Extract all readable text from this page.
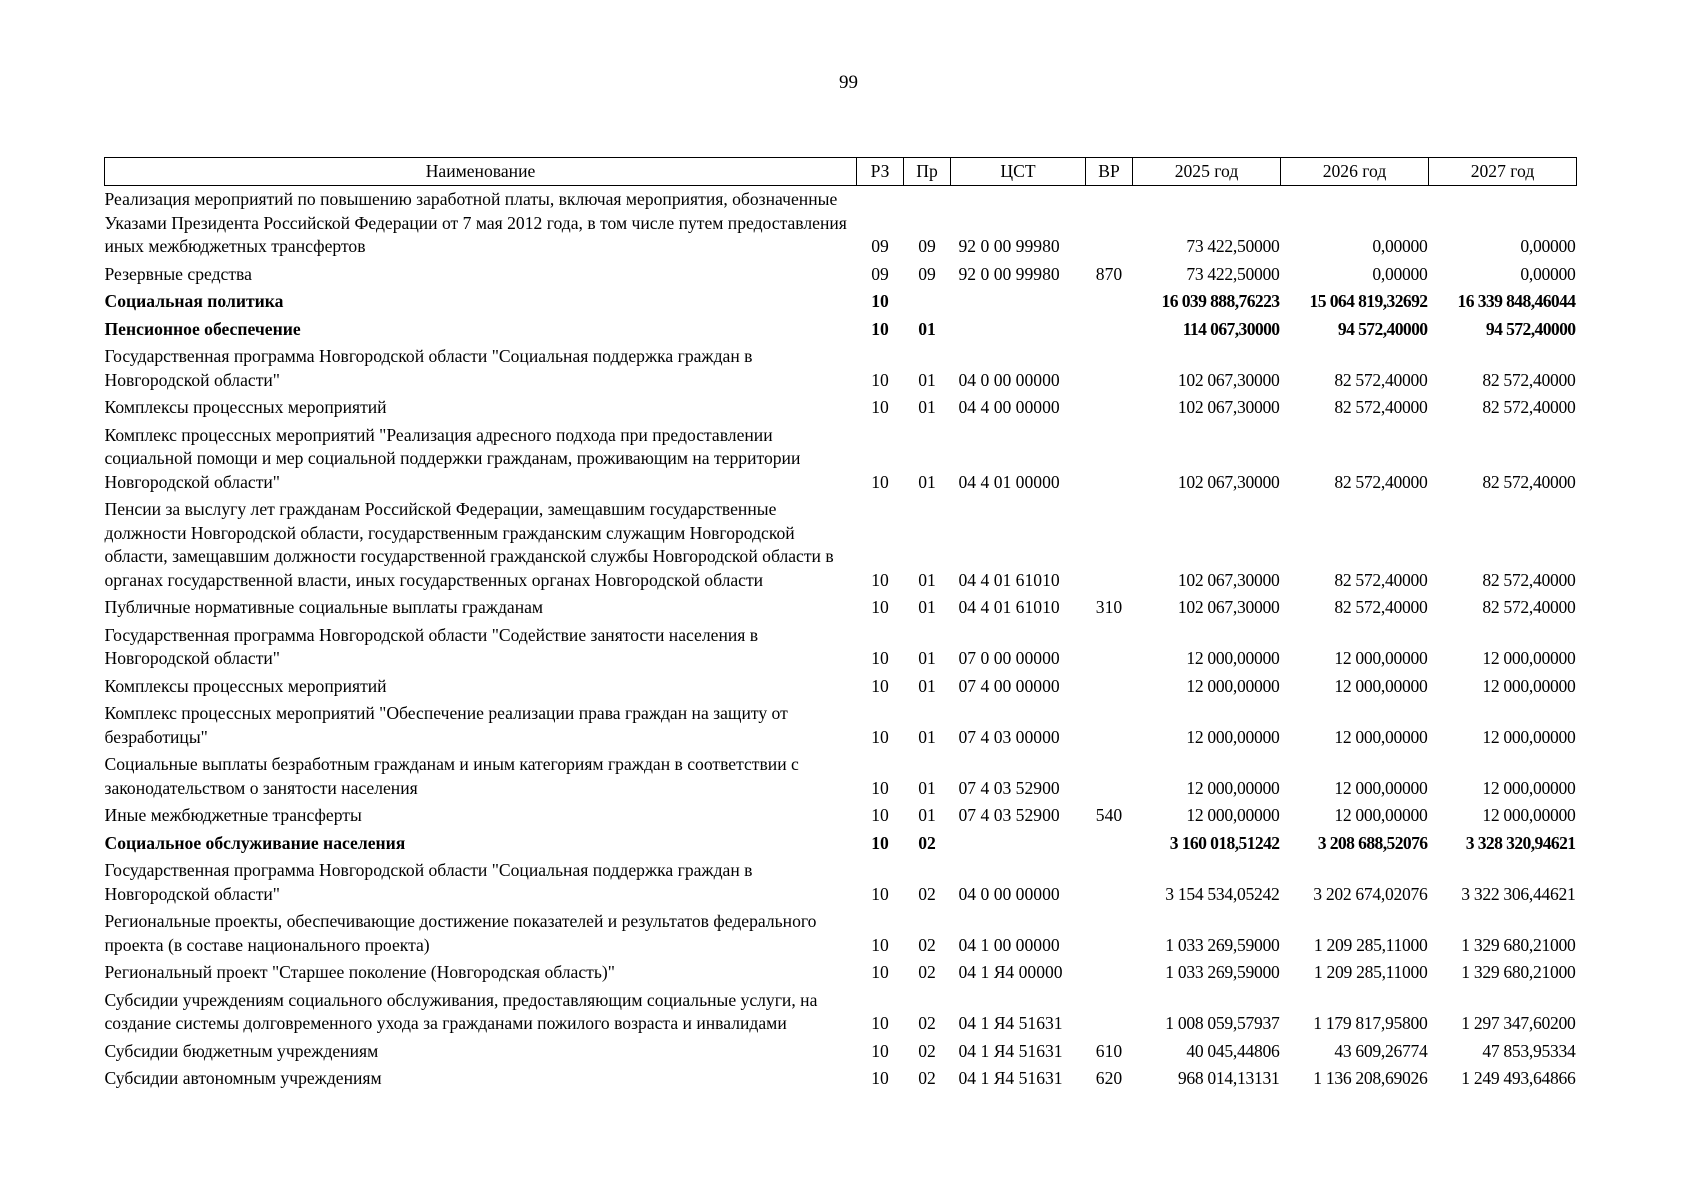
99
Наименование	РЗ	Пр	ЦСТ	ВР	2025 год	2026 год	2027 год
Реализация мероприятий по повышению заработной платы, включая мероприятия, обозначенные Указами Президента Российской Федерации от 7 мая 2012 года, в том числе путем предоставления иных межбюджетных трансфертов	09	09	92 0 00 99980		73 422,50000	0,00000	0,00000
Резервные средства	09	09	92 0 00 99980	870	73 422,50000	0,00000	0,00000
Социальная политика	10				16 039 888,76223	15 064 819,32692	16 339 848,46044
Пенсионное обеспечение	10	01			114 067,30000	94 572,40000	94 572,40000
Государственная программа Новгородской области "Социальная поддержка граждан в Новгородской области"	10	01	04 0 00 00000		102 067,30000	82 572,40000	82 572,40000
Комплексы процессных мероприятий	10	01	04 4 00 00000		102 067,30000	82 572,40000	82 572,40000
Комплекс процессных мероприятий "Реализация адресного подхода при предоставлении социальной помощи и мер социальной поддержки гражданам, проживающим на территории Новгородской области"	10	01	04 4 01 00000		102 067,30000	82 572,40000	82 572,40000
Пенсии за выслугу лет гражданам Российской Федерации, замещавшим государственные должности Новгородской области, государственным гражданским служащим Новгородской области, замещавшим должности государственной гражданской службы Новгородской области в органах государственной власти, иных государственных органах Новгородской области	10	01	04 4 01 61010		102 067,30000	82 572,40000	82 572,40000
Публичные нормативные социальные выплаты гражданам	10	01	04 4 01 61010	310	102 067,30000	82 572,40000	82 572,40000
Государственная программа Новгородской области "Содействие занятости населения в Новгородской области"	10	01	07 0 00 00000		12 000,00000	12 000,00000	12 000,00000
Комплексы процессных мероприятий	10	01	07 4 00 00000		12 000,00000	12 000,00000	12 000,00000
Комплекс процессных мероприятий "Обеспечение реализации права граждан на защиту от безработицы"	10	01	07 4 03 00000		12 000,00000	12 000,00000	12 000,00000
Социальные выплаты безработным гражданам и иным категориям граждан в соответствии с законодательством о занятости населения	10	01	07 4 03 52900		12 000,00000	12 000,00000	12 000,00000
Иные межбюджетные трансферты	10	01	07 4 03 52900	540	12 000,00000	12 000,00000	12 000,00000
Социальное обслуживание населения	10	02			3 160 018,51242	3 208 688,52076	3 328 320,94621
Государственная программа Новгородской области "Социальная поддержка граждан в Новгородской области"	10	02	04 0 00 00000		3 154 534,05242	3 202 674,02076	3 322 306,44621
Региональные проекты, обеспечивающие достижение показателей и результатов федерального проекта (в составе национального проекта)	10	02	04 1 00 00000		1 033 269,59000	1 209 285,11000	1 329 680,21000
Региональный проект "Старшее поколение (Новгородская область)"	10	02	04 1 Я4 00000		1 033 269,59000	1 209 285,11000	1 329 680,21000
Субсидии учреждениям социального обслуживания, предоставляющим социальные услуги, на создание системы долговременного ухода за гражданами пожилого возраста и инвалидами	10	02	04 1 Я4 51631		1 008 059,57937	1 179 817,95800	1 297 347,60200
Субсидии бюджетным учреждениям	10	02	04 1 Я4 51631	610	40 045,44806	43 609,26774	47 853,95334
Субсидии автономным учреждениям	10	02	04 1 Я4 51631	620	968 014,13131	1 136 208,69026	1 249 493,64866
